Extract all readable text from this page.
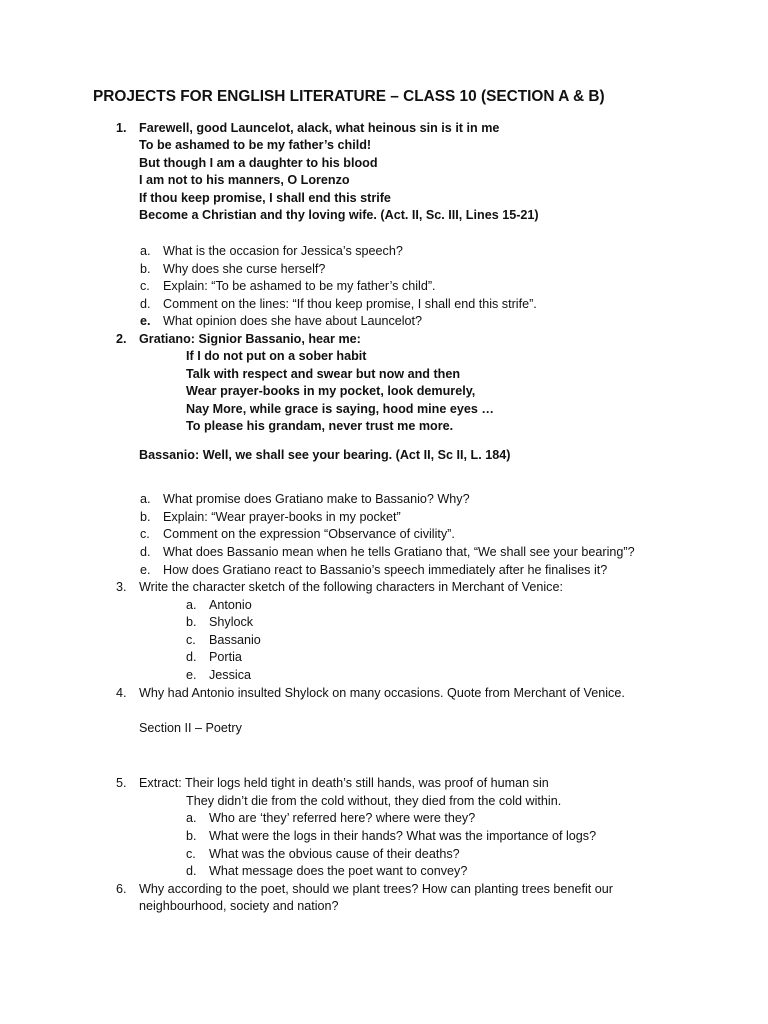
PROJECTS FOR ENGLISH LITERATURE – CLASS 10 (SECTION A & B)
1. Farewell, good Launcelot, alack, what heinous sin is it in me
To be ashamed to be my father’s child!
But though I am a daughter to his blood
I am not to his manners, O Lorenzo
If thou keep promise, I shall end this strife
Become a Christian and thy loving wife. (Act. II, Sc. III, Lines 15-21)
a. What is the occasion for Jessica’s speech?
b. Why does she curse herself?
c. Explain: “To be ashamed to be my father’s child”.
d. Comment on the lines: “If thou keep promise, I shall end this strife”.
e. What opinion does she have about Launcelot?
2. Gratiano: Signior Bassanio, hear me:
If I do not put on a sober habit
Talk with respect and swear but now and then
Wear prayer-books in my pocket, look demurely,
Nay More, while grace is saying, hood mine eyes …
To please his grandam, never trust me more.
Bassanio: Well, we shall see your bearing. (Act II, Sc II, L. 184)
a. What promise does Gratiano make to Bassanio? Why?
b. Explain: “Wear prayer-books in my pocket”
c. Comment on the expression “Observance of civility”.
d. What does Bassanio mean when he tells Gratiano that, “We shall see your bearing”?
e. How does Gratiano react to Bassanio’s speech immediately after he finalises it?
3. Write the character sketch of the following characters in Merchant of Venice:
a. Antonio
b. Shylock
c. Bassanio
d. Portia
e. Jessica
4. Why had Antonio insulted Shylock on many occasions. Quote from Merchant of Venice.
Section II – Poetry
5. Extract: Their logs held tight in death’s still hands, was proof of human sin
They didn’t die from the cold without, they died from the cold within.
a. Who are ‘they’ referred here? where were they?
b. What were the logs in their hands? What was the importance of logs?
c. What was the obvious cause of their deaths?
d. What message does the poet want to convey?
6. Why according to the poet, should we plant trees? How can planting trees benefit our
neighbourhood, society and nation?
